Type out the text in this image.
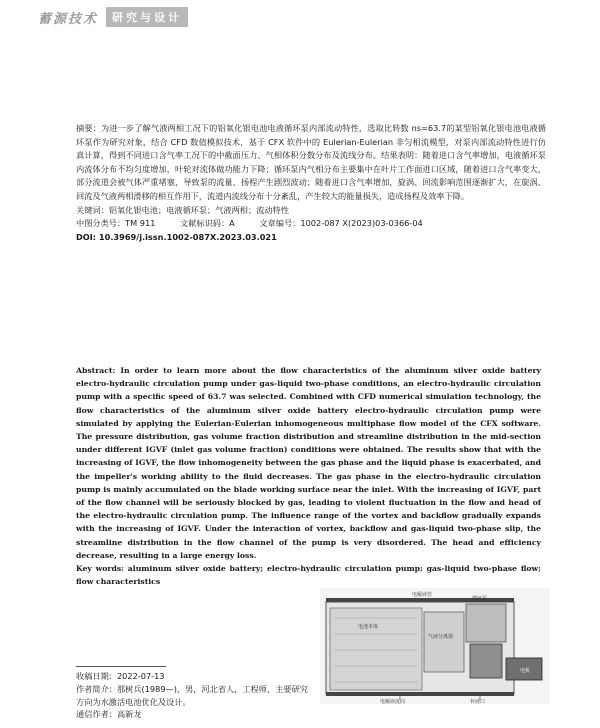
蓄源技术	研究与设计

摘要：为进一步了解气液两相工况下的铝氧化银电池电液循环泵内部流动特性，选取比转数 ns=63.7的某型铝氧化银电池电液循环泵作为研究对象，结合 CFD 数值模拟技术，基于 CFX 软件中的 Eulerian-Eulerian 非匀相流模型，对泵内部流动特性进行仿真计算，得到不同进口含气率工况下的中截面压力、气相体积分数分布及流线分布。结果表明：随着进口含气率增加，电液循环泵内流体分布不均匀度增加，叶轮对流体做功能力下降；循环泵内气相分布主要集中在叶片工作面进口区域，随着进口含气率变大，部分流道会被气体严重堵塞，导致泵的流量、扬程产生剧烈波动；随着进口含气率增加，旋涡、回流影响范围逐渐扩大，在旋涡、回流及气液两相滑移的相互作用下，流道内流线分布十分紊乱，产生较大的能量损失，造成扬程及效率下降。

关键词：铝氧化银电池；电液循环泵；气液两相；流动特性

中图分类号：TM 911	文献标识码：A	文章编号：1002-087 X(2023)03-0366-04
DOI: 10.3969/j.issn.1002-087X.2023.03.021

Abstract: In order to learn more about the flow characteristics of the aluminum silver oxide battery electro-hydraulic circulation pump under gas-liquid two-phase conditions, an electro-hydraulic circulation pump with a specific speed of 63.7 was selected. Combined with CFD numerical simulation technology, the flow characteristics of the aluminum silver oxide battery electro-hydraulic circulation pump were simulated by applying the Eulerian-Eulerian inhomogeneous multiphase flow model of the CFX software. The pressure distribution, gas volume fraction distribution and streamline distribution in the mid-section under different IGVF (inlet gas volume fraction) conditions were obtained. The results show that with the increasing of IGVF, the flow inhomogeneity between the gas phase and the liquid phase is exacerbated, and the impeller's working ability to the fluid decreases. The gas phase in the electro-hydraulic circulation pump is mainly accumulated on the blade working surface near the inlet. With the increasing of IGVF, part of the flow channel will be seriously blocked by gas, leading to violent fluctuation in the flow and head of the electro-hydraulic circulation pump. The influence range of the vortex and backflow gradually expands with the increasing of IGVF. Under the interaction of vortex, backflow and gas-liquid two-phase slip, the streamline distribution in the flow channel of the pump is very disordered. The head and efficiency decrease, resulting in a large energy loss.

Key words: aluminum silver oxide battery; electro-hydraulic circulation pump; gas-liquid two-phase flow; flow characteristics

电解液管
电池本体
气液分离器
循环泵
电机
电解液流向	补液口

收稿日期：2022-07-13

作者简介：那树兵(1989—)，男，河北省人，工程师，主要研究方向为水激活电池优化及设计。

通信作者：高新龙
